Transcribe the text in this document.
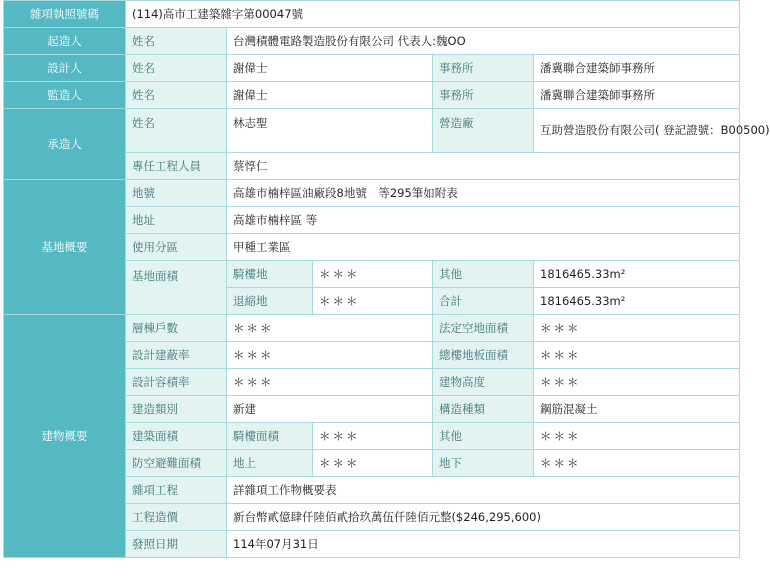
雜項執照號碼	(114)高市工建築雜字第00047號				
起造人	姓名	台灣積體電路製造股份有限公司 代表人:魏OO			
設計人	姓名	謝偉士		事務所	潘冀聯合建築師事務所
監造人	姓名	謝偉士		事務所	潘冀聯合建築師事務所
承造人	姓名	林志聖		營造廠	互助營造股份有限公司( 登記證號：B00500)
	專任工程人員	蔡惇仁			
基地概要	地號	高雄市楠梓區油廠段8地號　等295筆如附表			
	地址	高雄市楠梓區 等			
	使用分區	甲種工業區			
	基地面積	騎樓地	＊＊＊	其他	1816465.33m²
		退縮地	＊＊＊	合計	1816465.33m²
建物概要	層棟戶數	＊＊＊		法定空地面積	＊＊＊
	設計建蔽率	＊＊＊		總樓地板面積	＊＊＊
	設計容積率	＊＊＊		建物高度	＊＊＊
	建造類別	新建		構造種類	鋼筋混凝土
	建築面積	騎樓面積	＊＊＊	其他	＊＊＊
	防空避難面積	地上	＊＊＊	地下	＊＊＊
	雜項工程	詳雜項工作物概要表			
	工程造價	新台幣貳億肆仟陸佰貳拾玖萬伍仟陸佰元整($246,295,600)			
	發照日期	114年07月31日			
